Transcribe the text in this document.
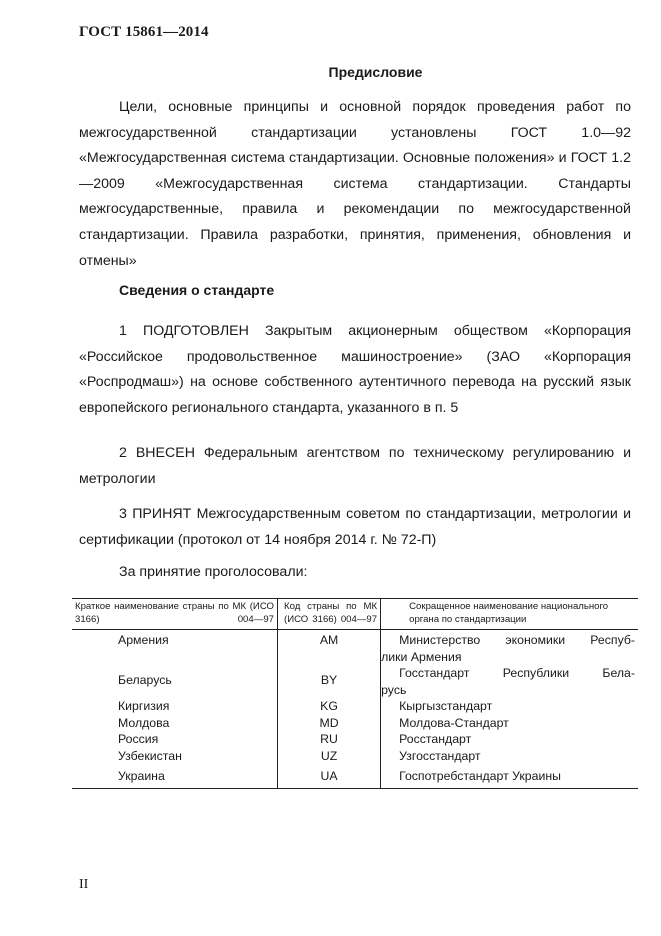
ГОСТ 15861—2014
Предисловие

Цели, основные принципы и основной порядок проведения работ по межгосударственной стандартизации установлены ГОСТ 1.0—92 «Межгосударственная система стандартизации. Основные положения» и ГОСТ 1.2—2009 «Межгосударственная система стандартизации. Стандарты межгосударственные, правила и рекомендации по межгосударственной стандартизации. Правила разработки, принятия, применения, обновления и отмены»

Сведения о стандарте

1 ПОДГОТОВЛЕН Закрытым акционерным обществом «Корпорация «Российское продовольственное машиностроение» (ЗАО «Корпорация «Роспродмаш») на основе собственного аутентичного перевода на русский язык европейского регионального стандарта, указанного в п. 5

2 ВНЕСЕН Федеральным агентством по техническому регулированию и метрологии

3 ПРИНЯТ Межгосударственным советом по стандартизации, метрологии и сертификации (протокол от 14 ноября 2014 г. № 72-П)

За принятие проголосовали:
Краткое наименование страны по МК (ИСО 3166) 004—97	Код страны по МК (ИСО 3166) 004—97	Сокращенное наименование национального органа по стандартизации
Армения	AM	Министерство экономики Респуб-
лики Армения

Беларусь	BY	Госстандарт Республики Бела-
русь

Киргизия	KG	Кыргызстандарт
Молдова	MD	Молдова-Стандарт
Россия	RU	Росстандарт
Узбекистан	UZ	Узгосстандарт
Украина	UA	Госпотребстандарт Украины
II
